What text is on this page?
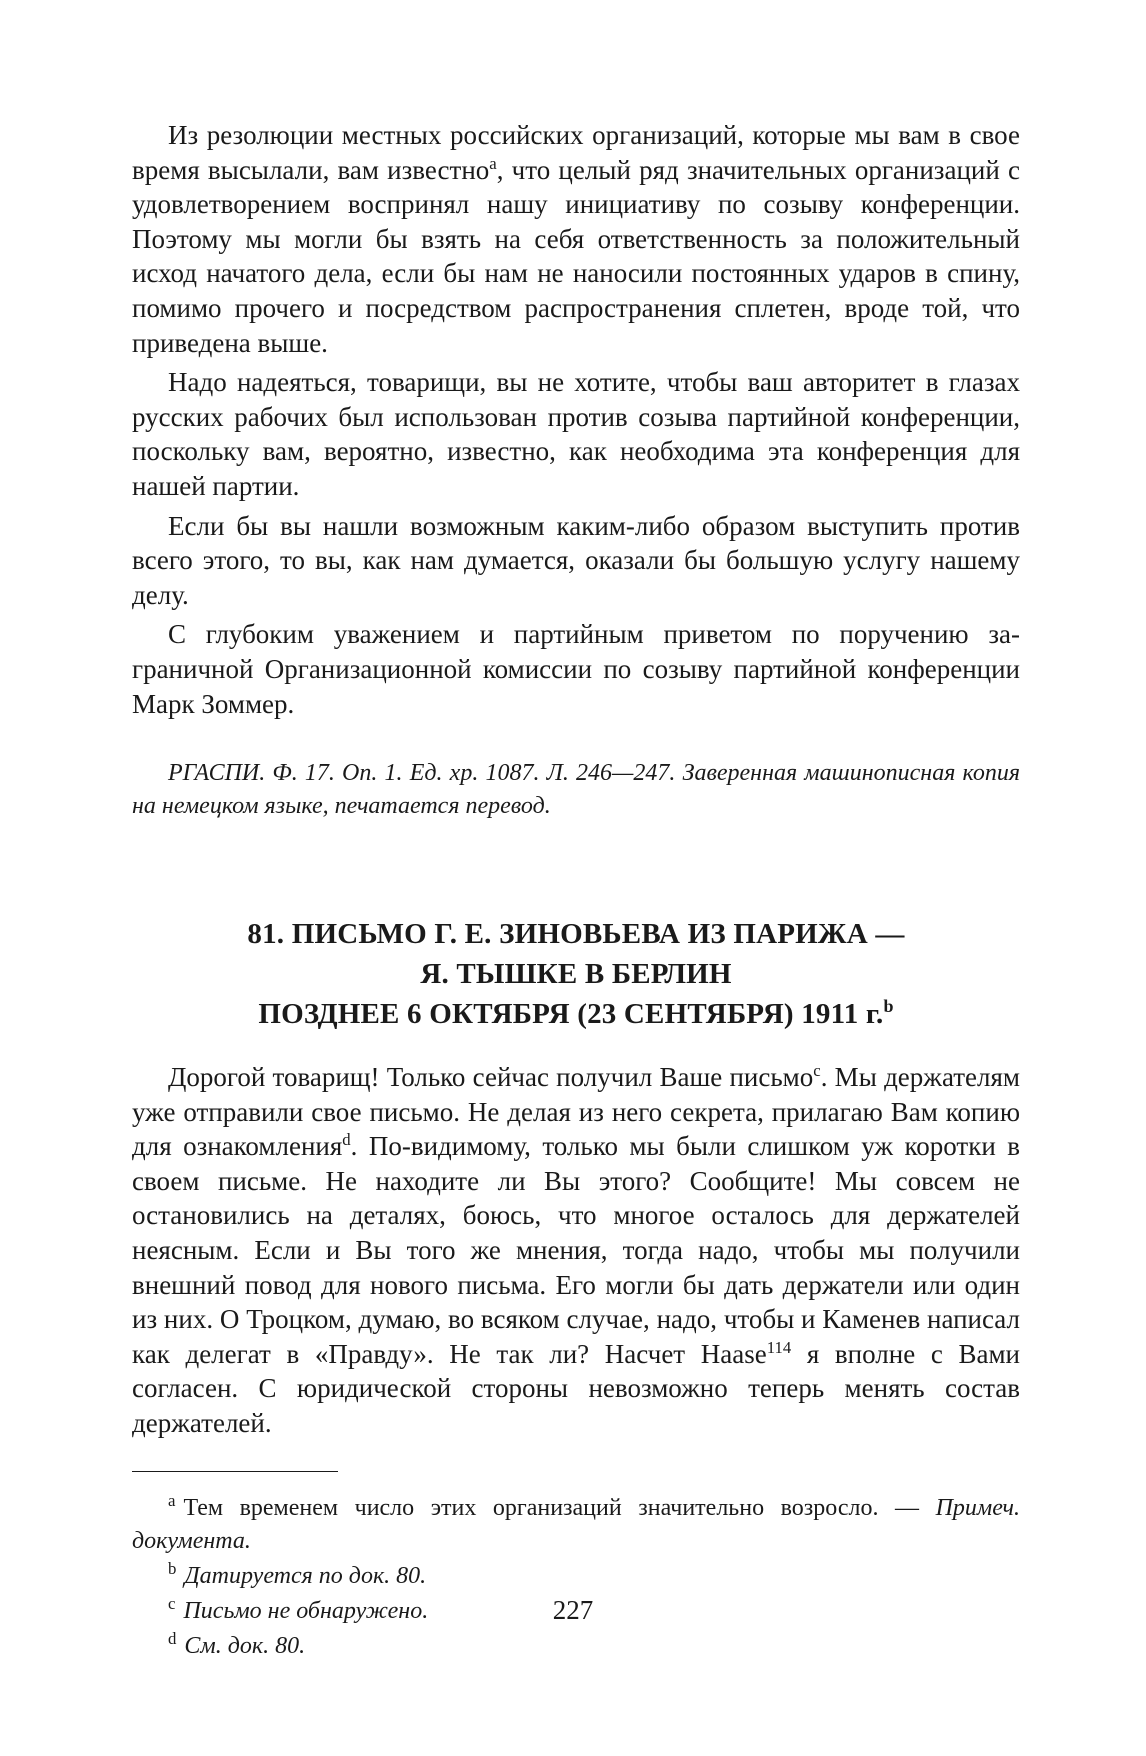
Из резолюции местных российских организаций, которые мы вам в свое время высылали, вам известно$^a$, что целый ряд значительных организаций с удовлетворением воспринял нашу инициативу по созыву конференции. Поэтому мы могли бы взять на себя ответственность за положительный исход начатого дела, если бы нам не наносили постоянных ударов в спину, помимо прочего и посредством распространения сплетен, вроде той, что приведена выше.

Надо надеяться, товарищи, вы не хотите, чтобы ваш авторитет в глазах русских рабочих был использован против созыва партийной конференции, поскольку вам, вероятно, известно, как необходима эта конференция для нашей партии.

Если бы вы нашли возможным каким-либо образом выступить против всего этого, то вы, как нам думается, оказали бы большую услугу нашему делу.

С глубоким уважением и партийным приветом по поручению заграничной Организационной комиссии по созыву партийной конференции Марк Зоммер.

РГАСПИ. Ф. 17. Оп. 1. Ед. хр. 1087. Л. 246—247. Заверенная машинописная копия на немецком языке, печатается перевод.

81. ПИСЬМО Г. Е. ЗИНОВЬЕВА ИЗ ПАРИЖА —
Я. ТЫШКЕ В БЕРЛИН
ПОЗДНЕЕ 6 ОКТЯБРЯ (23 СЕНТЯБРЯ) 1911 г.$^b$

Дорогой товарищ! Только сейчас получил Ваше письмо$^c$. Мы держателям уже отправили свое письмо. Не делая из него секрета, прилагаю Вам копию для ознакомления$^d$. По-видимому, только мы были слишком уж коротки в своем письме. Не находите ли Вы этого? Сообщите! Мы совсем не остановились на деталях, боюсь, что многое осталось для держателей неясным. Если и Вы того же мнения, тогда надо, чтобы мы получили внешний повод для нового письма. Его могли бы дать держатели или один из них. О Троцком, думаю, во всяком случае, надо, чтобы и Каменев написал как делегат в «Правду». Не так ли? Насчет Haase$^{114}$ я вполне с Вами согласен. С юридической стороны невозможно теперь менять состав держателей.

$^a$ Тем временем число этих организаций значительно возросло. — Примеч. документа.

$^b$ Датируется по док. 80.

$^c$ Письмо не обнаружено.

$^d$ См. док. 80.

227
